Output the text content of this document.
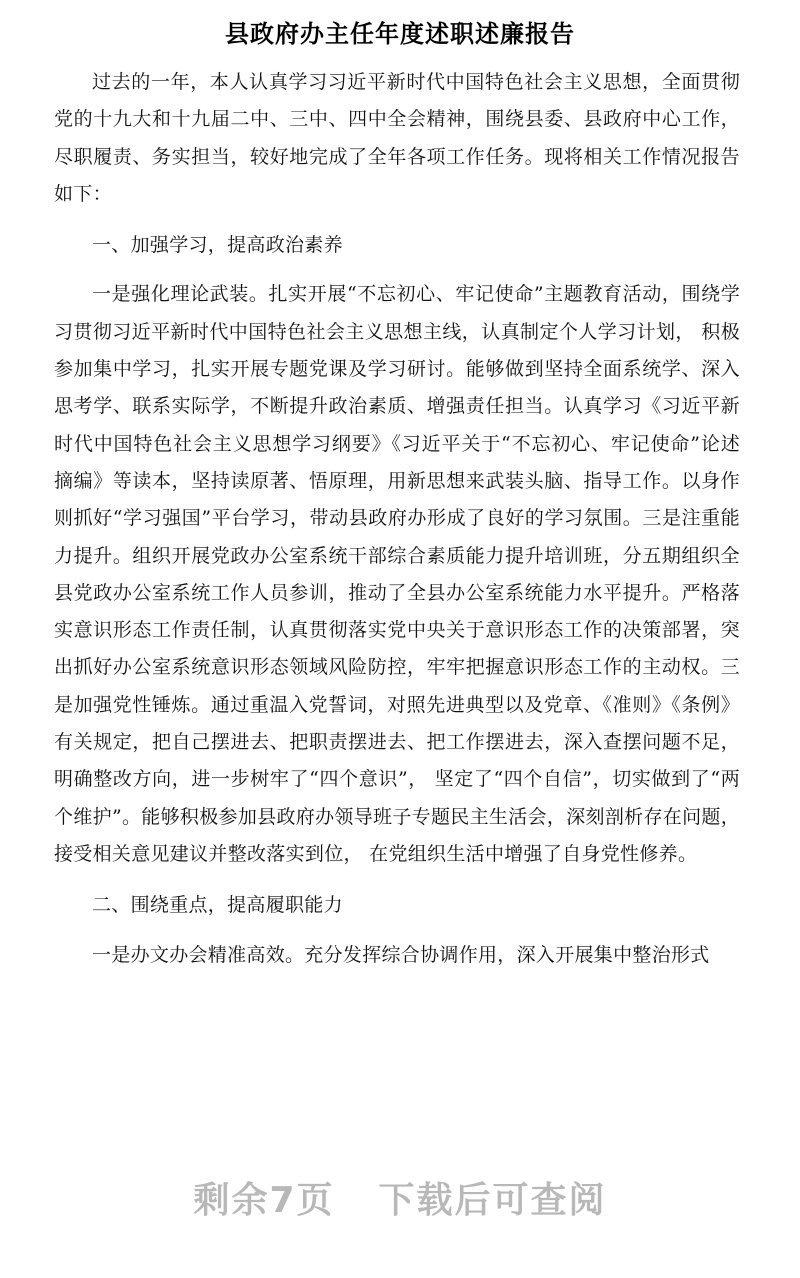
县政府办主任年度述职述廉报告

过去的一年，本人认真学习习近平新时代中国特色社会主义思想，全面贯彻党的十九大和十九届二中、三中、四中全会精神，围绕县委、县政府中心工作，尽职履责、务实担当，较好地完成了全年各项工作任务。现将相关工作情况报告如下：

一、加强学习，提高政治素养

一是强化理论武装。扎实开展“不忘初心、牢记使命”主题教育活动，围绕学习贯彻习近平新时代中国特色社会主义思想主线，认真制定个人学习计划， 积极参加集中学习，扎实开展专题党课及学习研讨。能够做到坚持全面系统学、深入思考学、联系实际学，不断提升政治素质、增强责任担当。认真学习《习近平新时代中国特色社会主义思想学习纲要》《习近平关于“不忘初心、牢记使命”论述摘编》等读本，坚持读原著、悟原理，用新思想来武装头脑、指导工作。以身作则抓好“学习强国”平台学习，带动县政府办形成了良好的学习氛围。三是注重能力提升。组织开展党政办公室系统干部综合素质能力提升培训班，分五期组织全县党政办公室系统工作人员参训，推动了全县办公室系统能力水平提升。严格落实意识形态工作责任制，认真贯彻落实党中央关于意识形态工作的决策部署，突出抓好办公室系统意识形态领域风险防控，牢牢把握意识形态工作的主动权。三是加强党性锤炼。通过重温入党誓词，对照先进典型以及党章、《准则》《条例》有关规定，把自己摆进去、把职责摆进去、把工作摆进去，深入查摆问题不足，明确整改方向，进一步树牢了“四个意识”， 坚定了“四个自信”，切实做到了“两个维护”。能够积极参加县政府办领导班子专题民主生活会，深刻剖析存在问题，接受相关意见建议并整改落实到位， 在党组织生活中增强了自身党性修养。

二、围绕重点，提高履职能力

一是办文办会精准高效。充分发挥综合协调作用，深入开展集中整治形式

剩余7页 下载后可查阅
